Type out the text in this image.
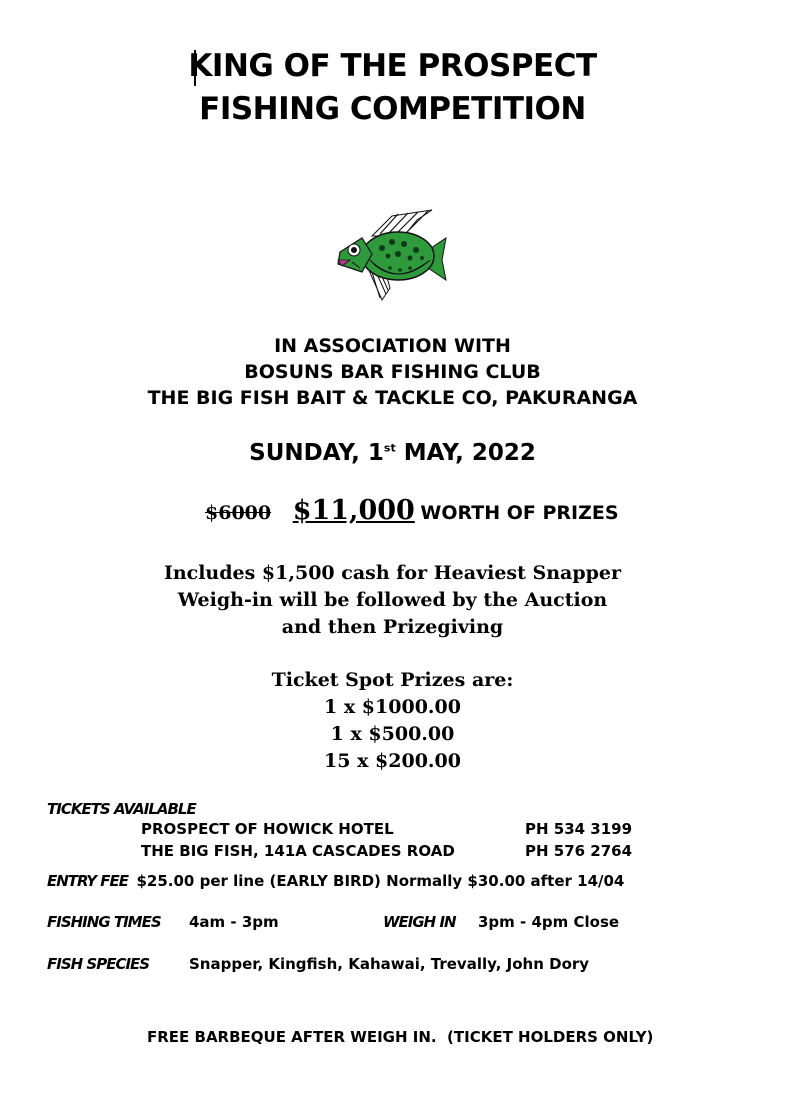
KING OF THE PROSPECT
FISHING COMPETITION
IN ASSOCIATION WITH
BOSUNS BAR FISHING CLUB
THE BIG FISH BAIT & TACKLE CO, PAKURANGA
SUNDAY, 1st MAY, 2022
$6000 $11,000 WORTH OF PRIZES
Includes $1,500 cash for Heaviest Snapper
Weigh-in will be followed by the Auction
and then Prizegiving
Ticket Spot Prizes are:
1 x $1000.00
1 x $500.00
15 x $200.00
TICKETS AVAILABLE
PROSPECT OF HOWICK HOTEL	PH 534 3199
THE BIG FISH, 141A CASCADES ROAD	PH 576 2764
ENTRY FEE $25.00 per line (EARLY BIRD) Normally $30.00 after 14/04
FISHING TIMES 4am - 3pm	WEIGH IN 3pm - 4pm Close
FISH SPECIES	Snapper, Kingfish, Kahawai, Trevally, John Dory
FREE BARBEQUE AFTER WEIGH IN.  (TICKET HOLDERS ONLY)
